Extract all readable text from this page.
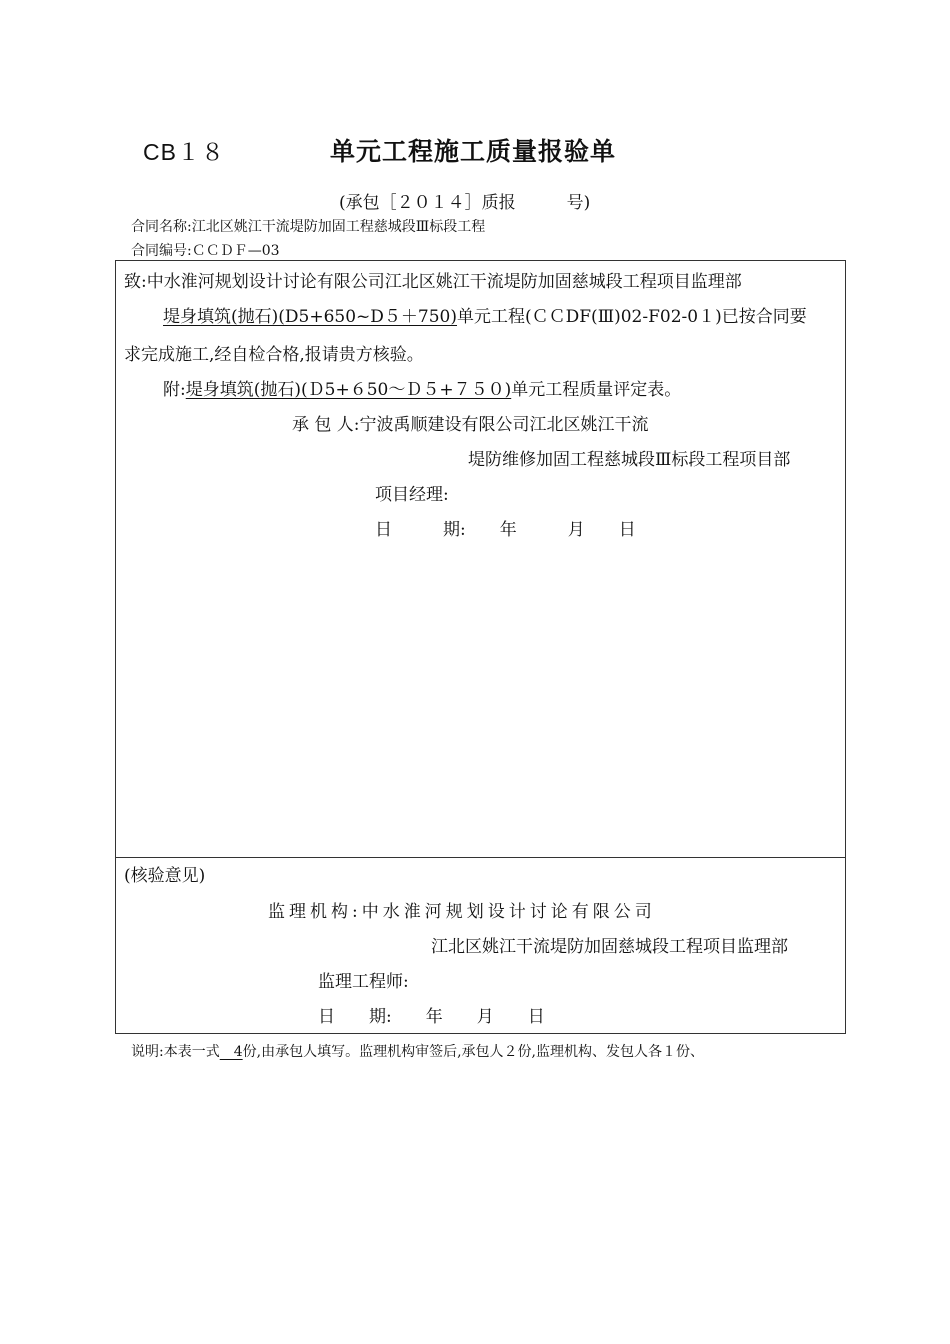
CB１８	单元工程施工质量报验单
(承包［２０１４］质报　　　号)
合同名称:江北区姚江干流堤防加固工程慈城段Ⅲ标段工程
合同编号:ＣＣＤＦ—03
致:中水淮河规划设计讨论有限公司江北区姚江干流堤防加固慈城段工程项目监理部
堤身填筑(抛石)(D5+650~D５＋750)单元工程(ＣＣDF(Ⅲ)02-F02-0１)已按合同要
求完成施工,经自检合格,报请贵方核验。
附:堤身填筑(抛石)(Ｄ5+６50～Ｄ５+７５０)单元工程质量评定表。
承 包 人:宁波禹顺建设有限公司江北区姚江干流
堤防维修加固工程慈城段Ⅲ标段工程项目部
项目经理:
日　　　期:　　年　　　月　　日
(核验意见)
监理机构:中水淮河规划设计讨论有限公司
江北区姚江干流堤防加固慈城段工程项目监理部
监理工程师:
日　　期:　　年　　月　　日
说明:本表一式　4份,由承包人填写。监理机构审签后,承包人２份,监理机构、发包人各１份、
